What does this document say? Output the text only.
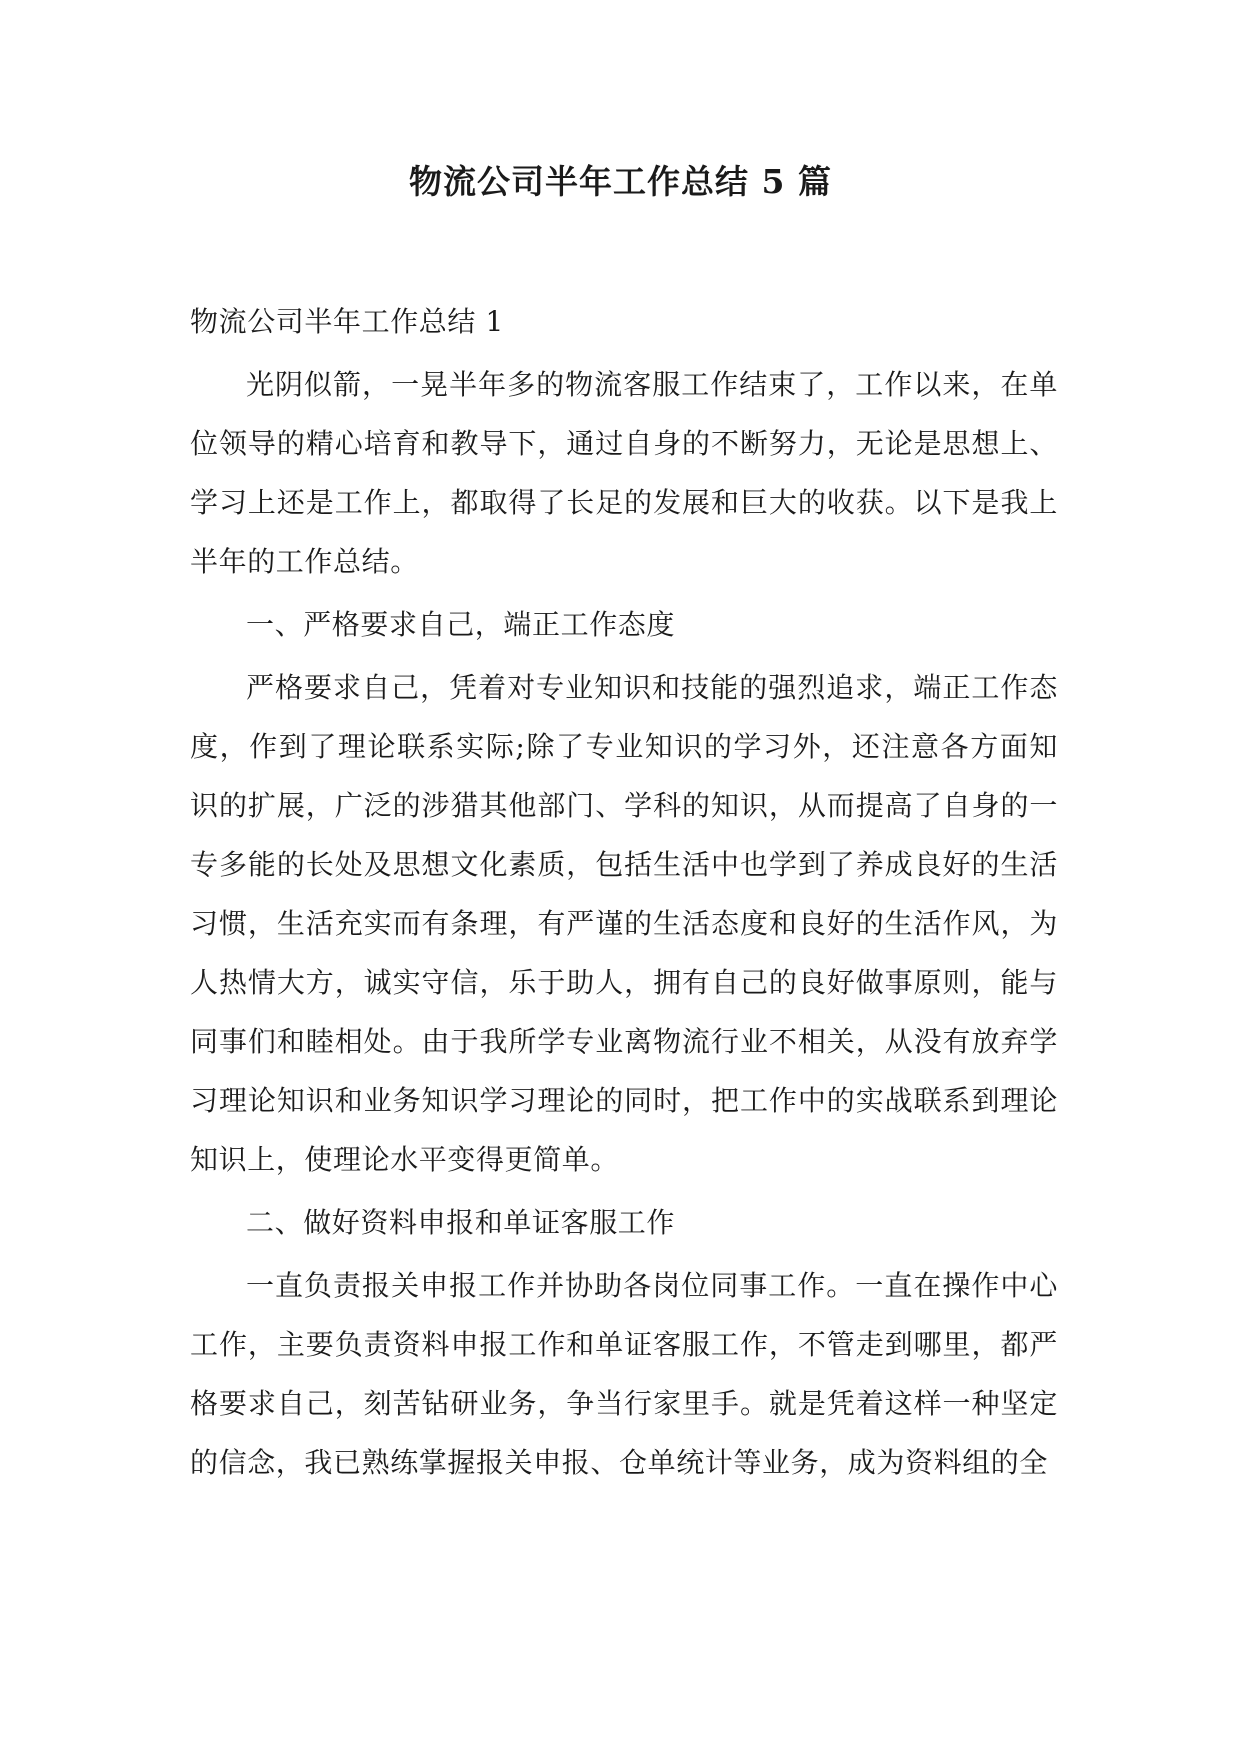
物流公司半年工作总结 5 篇

物流公司半年工作总结 1

光阴似箭，一晃半年多的物流客服工作结束了，工作以来，在单位领导的精心培育和教导下，通过自身的不断努力，无论是思想上、学习上还是工作上，都取得了长足的发展和巨大的收获。以下是我上半年的工作总结。

一、严格要求自己，端正工作态度

严格要求自己，凭着对专业知识和技能的强烈追求，端正工作态度，作到了理论联系实际;除了专业知识的学习外，还注意各方面知识的扩展，广泛的涉猎其他部门、学科的知识，从而提高了自身的一专多能的长处及思想文化素质，包括生活中也学到了养成良好的生活习惯，生活充实而有条理，有严谨的生活态度和良好的生活作风，为人热情大方，诚实守信，乐于助人，拥有自己的良好做事原则，能与同事们和睦相处。由于我所学专业离物流行业不相关，从没有放弃学习理论知识和业务知识学习理论的同时，把工作中的实战联系到理论知识上，使理论水平变得更简单。

二、做好资料申报和单证客服工作

一直负责报关申报工作并协助各岗位同事工作。一直在操作中心工作，主要负责资料申报工作和单证客服工作，不管走到哪里，都严格要求自己，刻苦钻研业务，争当行家里手。就是凭着这样一种坚定的信念，我已熟练掌握报关申报、仓单统计等业务，成为资料组的全
